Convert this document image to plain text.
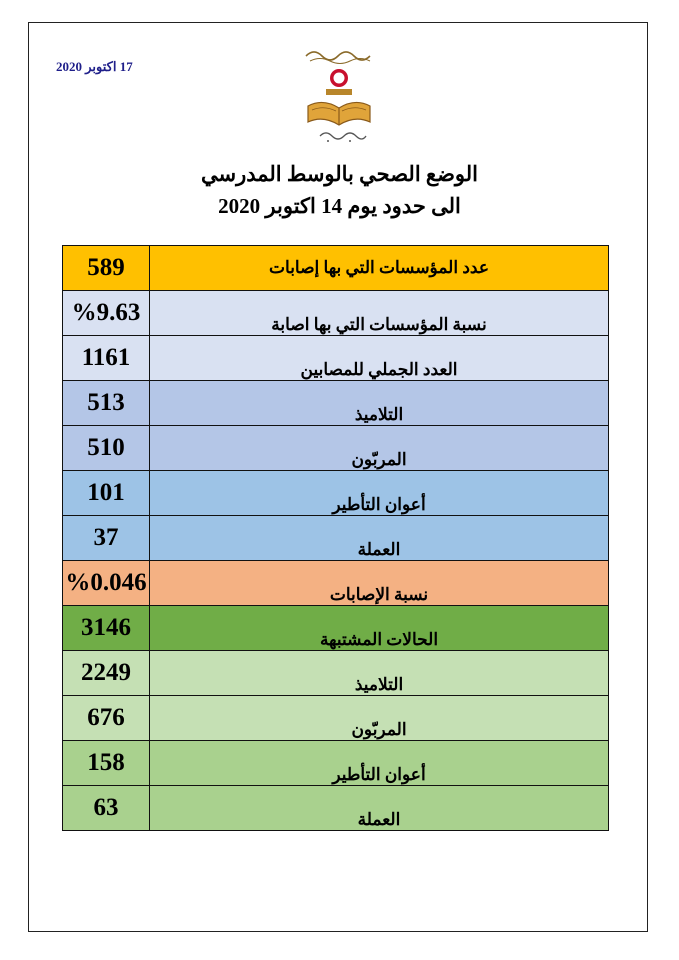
17 اكتوبر 2020
الوضع الصحي بالوسط المدرسي
الى حدود يوم 14 اكتوبر 2020
589	عدد المؤسسات التي بها إصابات
%9.63	نسبة المؤسسات التي بها اصابة
1161	العدد الجملي للمصابين
513	التلاميذ
510	المربّون
101	أعوان التأطير
37	العملة
%0.046	نسبة الإصابات
3146	الحالات المشتبهة
2249	التلاميذ
676	المربّون
158	أعوان التأطير
63	العملة
